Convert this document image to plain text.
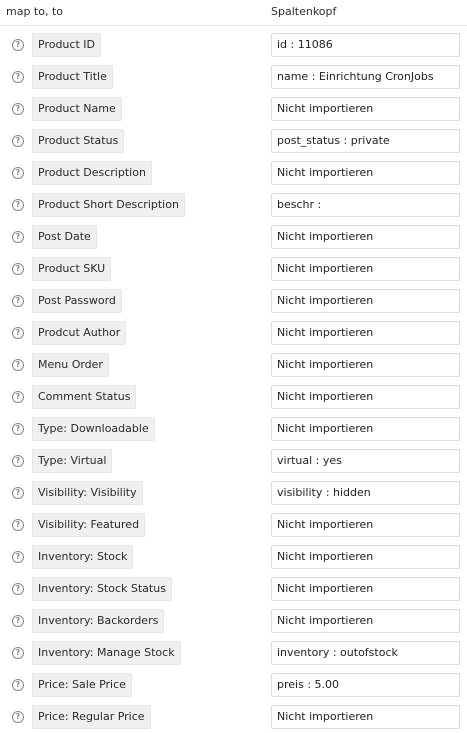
map to, to	Spaltenkopf
?	Product ID	id : 11086
?	Product Title	name : Einrichtung CronJobs
?	Product Name	Nicht importieren
?	Product Status	post_status : private
?	Product Description	Nicht importieren
?	Product Short Description	beschr :
?	Post Date	Nicht importieren
?	Product SKU	Nicht importieren
?	Post Password	Nicht importieren
?	Prodcut Author	Nicht importieren
?	Menu Order	Nicht importieren
?	Comment Status	Nicht importieren
?	Type: Downloadable	Nicht importieren
?	Type: Virtual	virtual : yes
?	Visibility: Visibility	visibility : hidden
?	Visibility: Featured	Nicht importieren
?	Inventory: Stock	Nicht importieren
?	Inventory: Stock Status	Nicht importieren
?	Inventory: Backorders	Nicht importieren
?	Inventory: Manage Stock	inventory : outofstock
?	Price: Sale Price	preis : 5.00
?	Price: Regular Price	Nicht importieren
